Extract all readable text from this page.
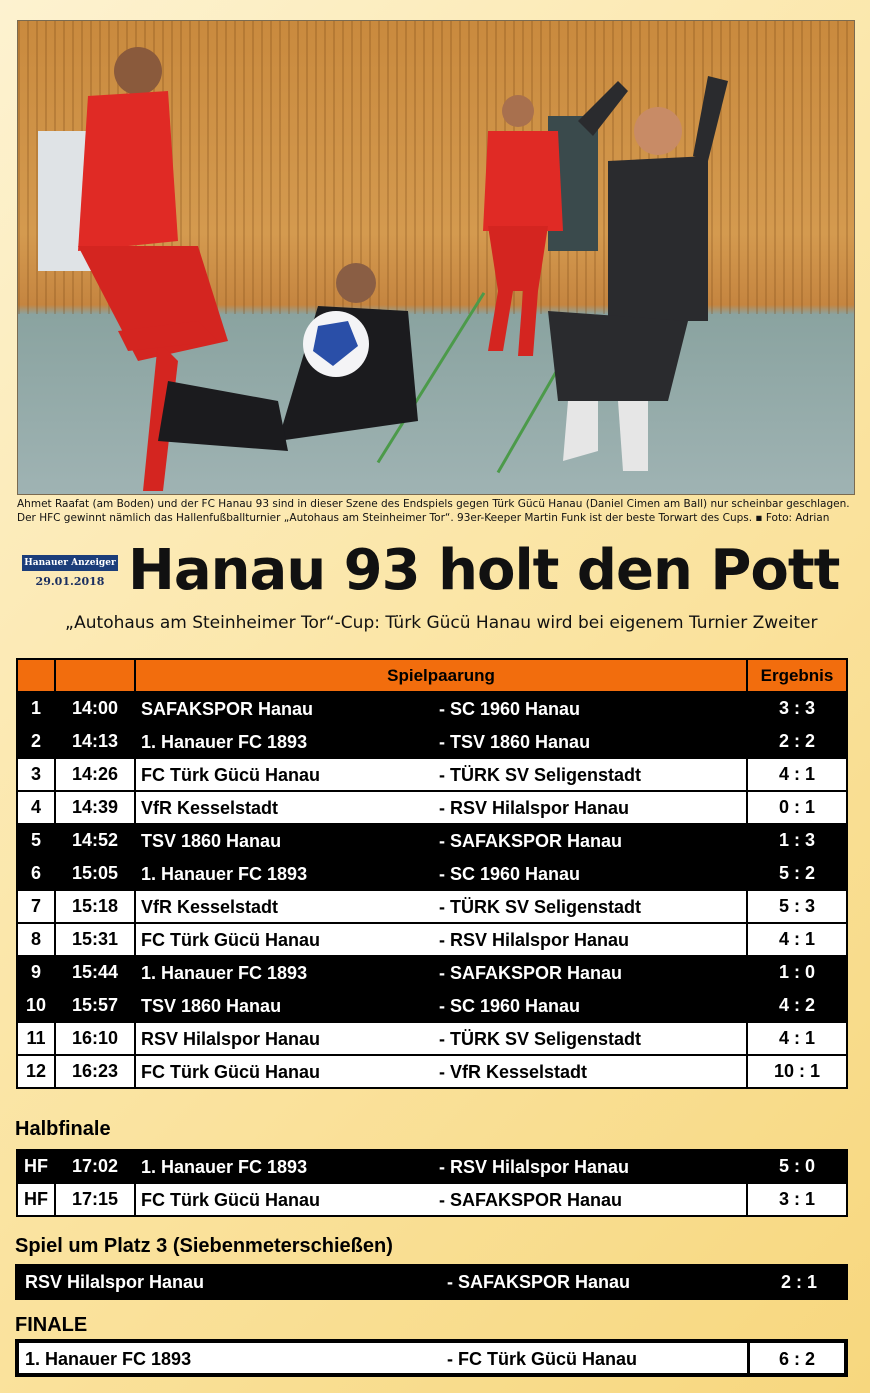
Ahmet Raafat (am Boden) und der FC Hanau 93 sind in dieser Szene des Endspiels gegen Türk Gücü Hanau (Daniel Cimen am Ball) nur scheinbar geschlagen. Der HFC gewinnt nämlich das Hallenfußballturnier „Autohaus am Steinheimer Tor“. 93er-Keeper Martin Funk ist der beste Torwart des Cups. ▪ Foto: Adrian
Hanauer Anzeiger
29.01.2018 Hanau 93 holt den Pott
„Autohaus am Steinheimer Tor“-Cup: Türk Gücü Hanau wird bei eigenem Turnier Zweiter
		Spielpaarung	Ergebnis
1	14:00	SAFAKSPOR Hanau - SC 1960 Hanau	3 : 3
2	14:13	1. Hanauer FC 1893 - TSV 1860 Hanau	2 : 2
3	14:26	FC Türk Gücü Hanau - TÜRK SV Seligenstadt	4 : 1
4	14:39	VfR Kesselstadt - RSV Hilalspor Hanau	0 : 1
5	14:52	TSV 1860 Hanau - SAFAKSPOR Hanau	1 : 3
6	15:05	1. Hanauer FC 1893 - SC 1960 Hanau	5 : 2
7	15:18	VfR Kesselstadt - TÜRK SV Seligenstadt	5 : 3
8	15:31	FC Türk Gücü Hanau - RSV Hilalspor Hanau	4 : 1
9	15:44	1. Hanauer FC 1893 - SAFAKSPOR Hanau	1 : 0
10	15:57	TSV 1860 Hanau - SC 1960 Hanau	4 : 2
11	16:10	RSV Hilalspor Hanau - TÜRK SV Seligenstadt	4 : 1
12	16:23	FC Türk Gücü Hanau - VfR Kesselstadt	10 : 1
Halbfinale
HF	17:02	1. Hanauer FC 1893 - RSV Hilalspor Hanau	5 : 0
HF	17:15	FC Türk Gücü Hanau - SAFAKSPOR Hanau	3 : 1
Spiel um Platz 3 (Siebenmeterschießen)
RSV Hilalspor Hanau	- SAFAKSPOR Hanau	2 : 1
FINALE
1. Hanauer FC 1893	- FC Türk Gücü Hanau	6 : 2
